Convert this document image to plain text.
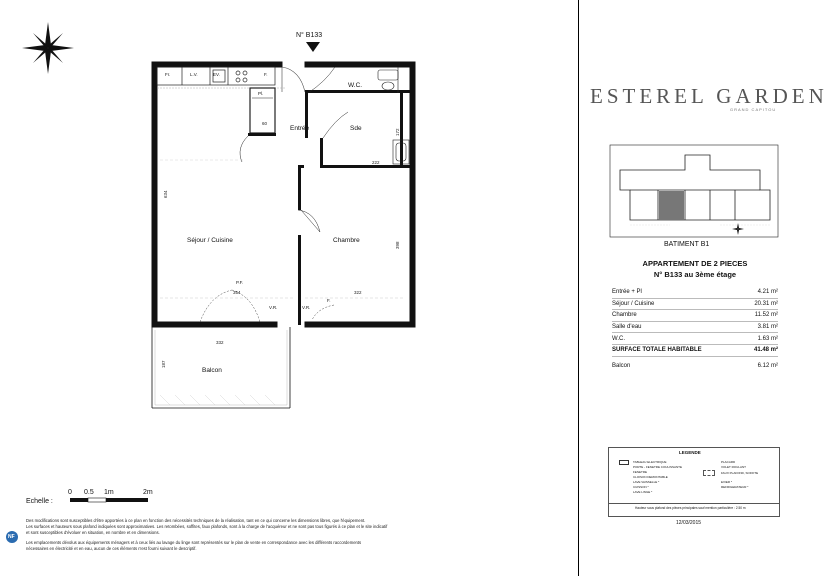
N° B133
Entrée	Sde
W.C.
Séjour / Cuisine	Chambre
Balcon
Fr.	L.V.	EV.	F.
Pl.
P.F.
V.R.	V.R.
F.
60
172
222
634
354	322
398
332
187
Echelle :
0 0.5 1m	2m
Des modifications sont susceptibles d'être apportées à ce plan en fonction des nécessités techniques de la réalisation, tant en ce qui concerne les dimensions libres, que l'équipement.
Les surfaces et hauteurs sous plafond indiquées sont approximatives. Les retombées, soffites, faux plafonds, sont à la charge de l'acquéreur et ne sont pas tous figurés à ce plan et le site indicatif
et sont susceptibles d'évoluer en situation, en nombre et en dimensions.
Les emplacements dévolus aux équipements ménagers et à ceux liés au lavage du linge sont représentés sur le plan de vente en correspondance avec les différents raccordements
nécessaires en électricité et en eau, aucun de ces éléments n'est fourni suivant le descriptif.
NF
ESTEREL GARDEN
GRAND CAPITOU
BATIMENT B1
APPARTEMENT DE 2 PIECES
N° B133 au 3ème étage
Entrée + Pl	4.21 m²
Séjour / Cuisine	20.31 m²
Chambre	11.52 m²
Salle d'eau	3.81 m²
W.C.	1.63 m²
SURFACE TOTALE HABITABLE	41.48 m²
Balcon	6.12 m²
LEGENDE
TABLEAU ELECTRIQUE
PORTE - FENETRE COULISSANTE
FENETRE
CLOISON DEMONTABLE
LAVE VAISSELLE *
CUISSON *
LAVE LINGE *
PLACARD
VOLET ROULANT
FAUX PLAFOND, SOFFITE
EVIER *
REFRIGERATEUR *
Hauteur sous plafond des pièces principales sauf mention particulière : 2.50 m
12/03/2015
